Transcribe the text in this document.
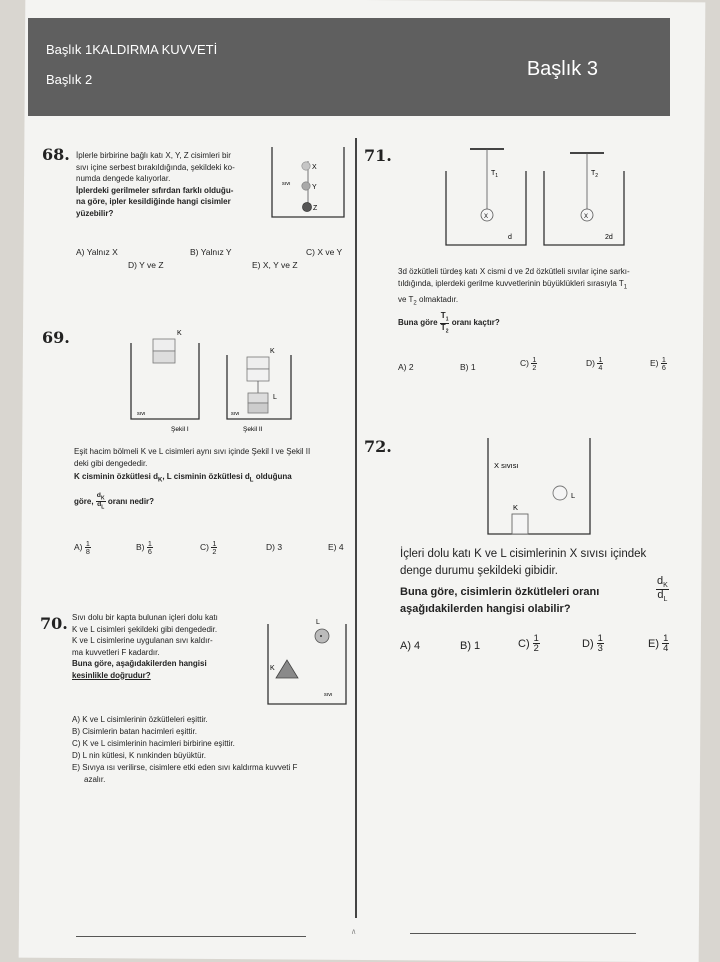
Başlık 1KALDIRMA KUVVETİ
Başlık 2	Başlık 3
68. İplerle birbirine bağlı katı X, Y, Z cisimleri bir
sıvı içine serbest bırakıldığında, şekildeki ko-
numda dengede kalıyorlar.
İplerdeki gerilmeler sıfırdan farklı olduğu-
na göre, ipler kesildiğinde hangi cisimler
yüzebilir?
X
Y
Z
sıvı
A) Yalnız X	B) Yalnız Y	C) X ve Y
D) Y ve Z	E) X, Y ve Z
69.	K
sıvı
Şekil I
K
L
sıvı
Şekil II
Eşit hacim bölmeli K ve L cisimleri aynı sıvı içinde Şekil I ve Şekil II
deki gibi dengededir.
K cisminin özkütlesi $d_K$, L cisminin özkütlesi $d_L$ olduğuna
göre, $\frac{d_K}{d_L}$ oranı nedir?
$A) \frac{1}{8}$	$B) \frac{1}{6}$	$C) \frac{1}{2}$	D) 3	E) 4
70. Sıvı dolu bir kapta bulunan içleri dolu katı
K ve L cisimleri şekildeki gibi dengededir.
K ve L cisimlerine uygulanan sıvı kaldır-
ma kuvvetleri F kadardır.
Buna göre, aşağıdakilerden hangisi
kesinlikle doğrudur?
K
L
sıvı
A) K ve L cisimlerinin özkütleleri eşittir.
B) Cisimlerin batan hacimleri eşittir.
C) K ve L cisimlerinin hacimleri birbirine eşittir.
D) L nin kütlesi, K nınkinden büyüktür.
E) Sıvıya ısı verilirse, cisimlere etki eden sıvı kaldırma kuvveti F
azalır.
71.
X
$T_1$
d
X
$T_2$
2d
3d özkütleli türdeş katı X cismi d ve 2d özkütleli sıvılar içine sarkı-
tıldığında, iplerdeki gerilme kuvvetlerinin büyüklükleri sırasıyla $T_1$
ve $T_2$ olmaktadır.
Buna göre $\frac{T_1}{T_2}$ oranı kaçtır?
A) 2	B) 1	$C) \frac{1}{2}$	$D) \frac{1}{4}$	$E) \frac{1}{6}$
72.
X sıvısı
K
L
İçleri dolu katı K ve L cisimlerinin X sıvısı içindek
denge durumu şekildeki gibidir.
Buna göre, cisimlerin özkütleleri oranı
aşağıdakilerden hangisi olabilir?
$\frac{d_K}{d_L}$
A) 4	B) 1	$C) \frac{1}{2}$	$D) \frac{1}{3}$	$E) \frac{1}{4}$
/\
